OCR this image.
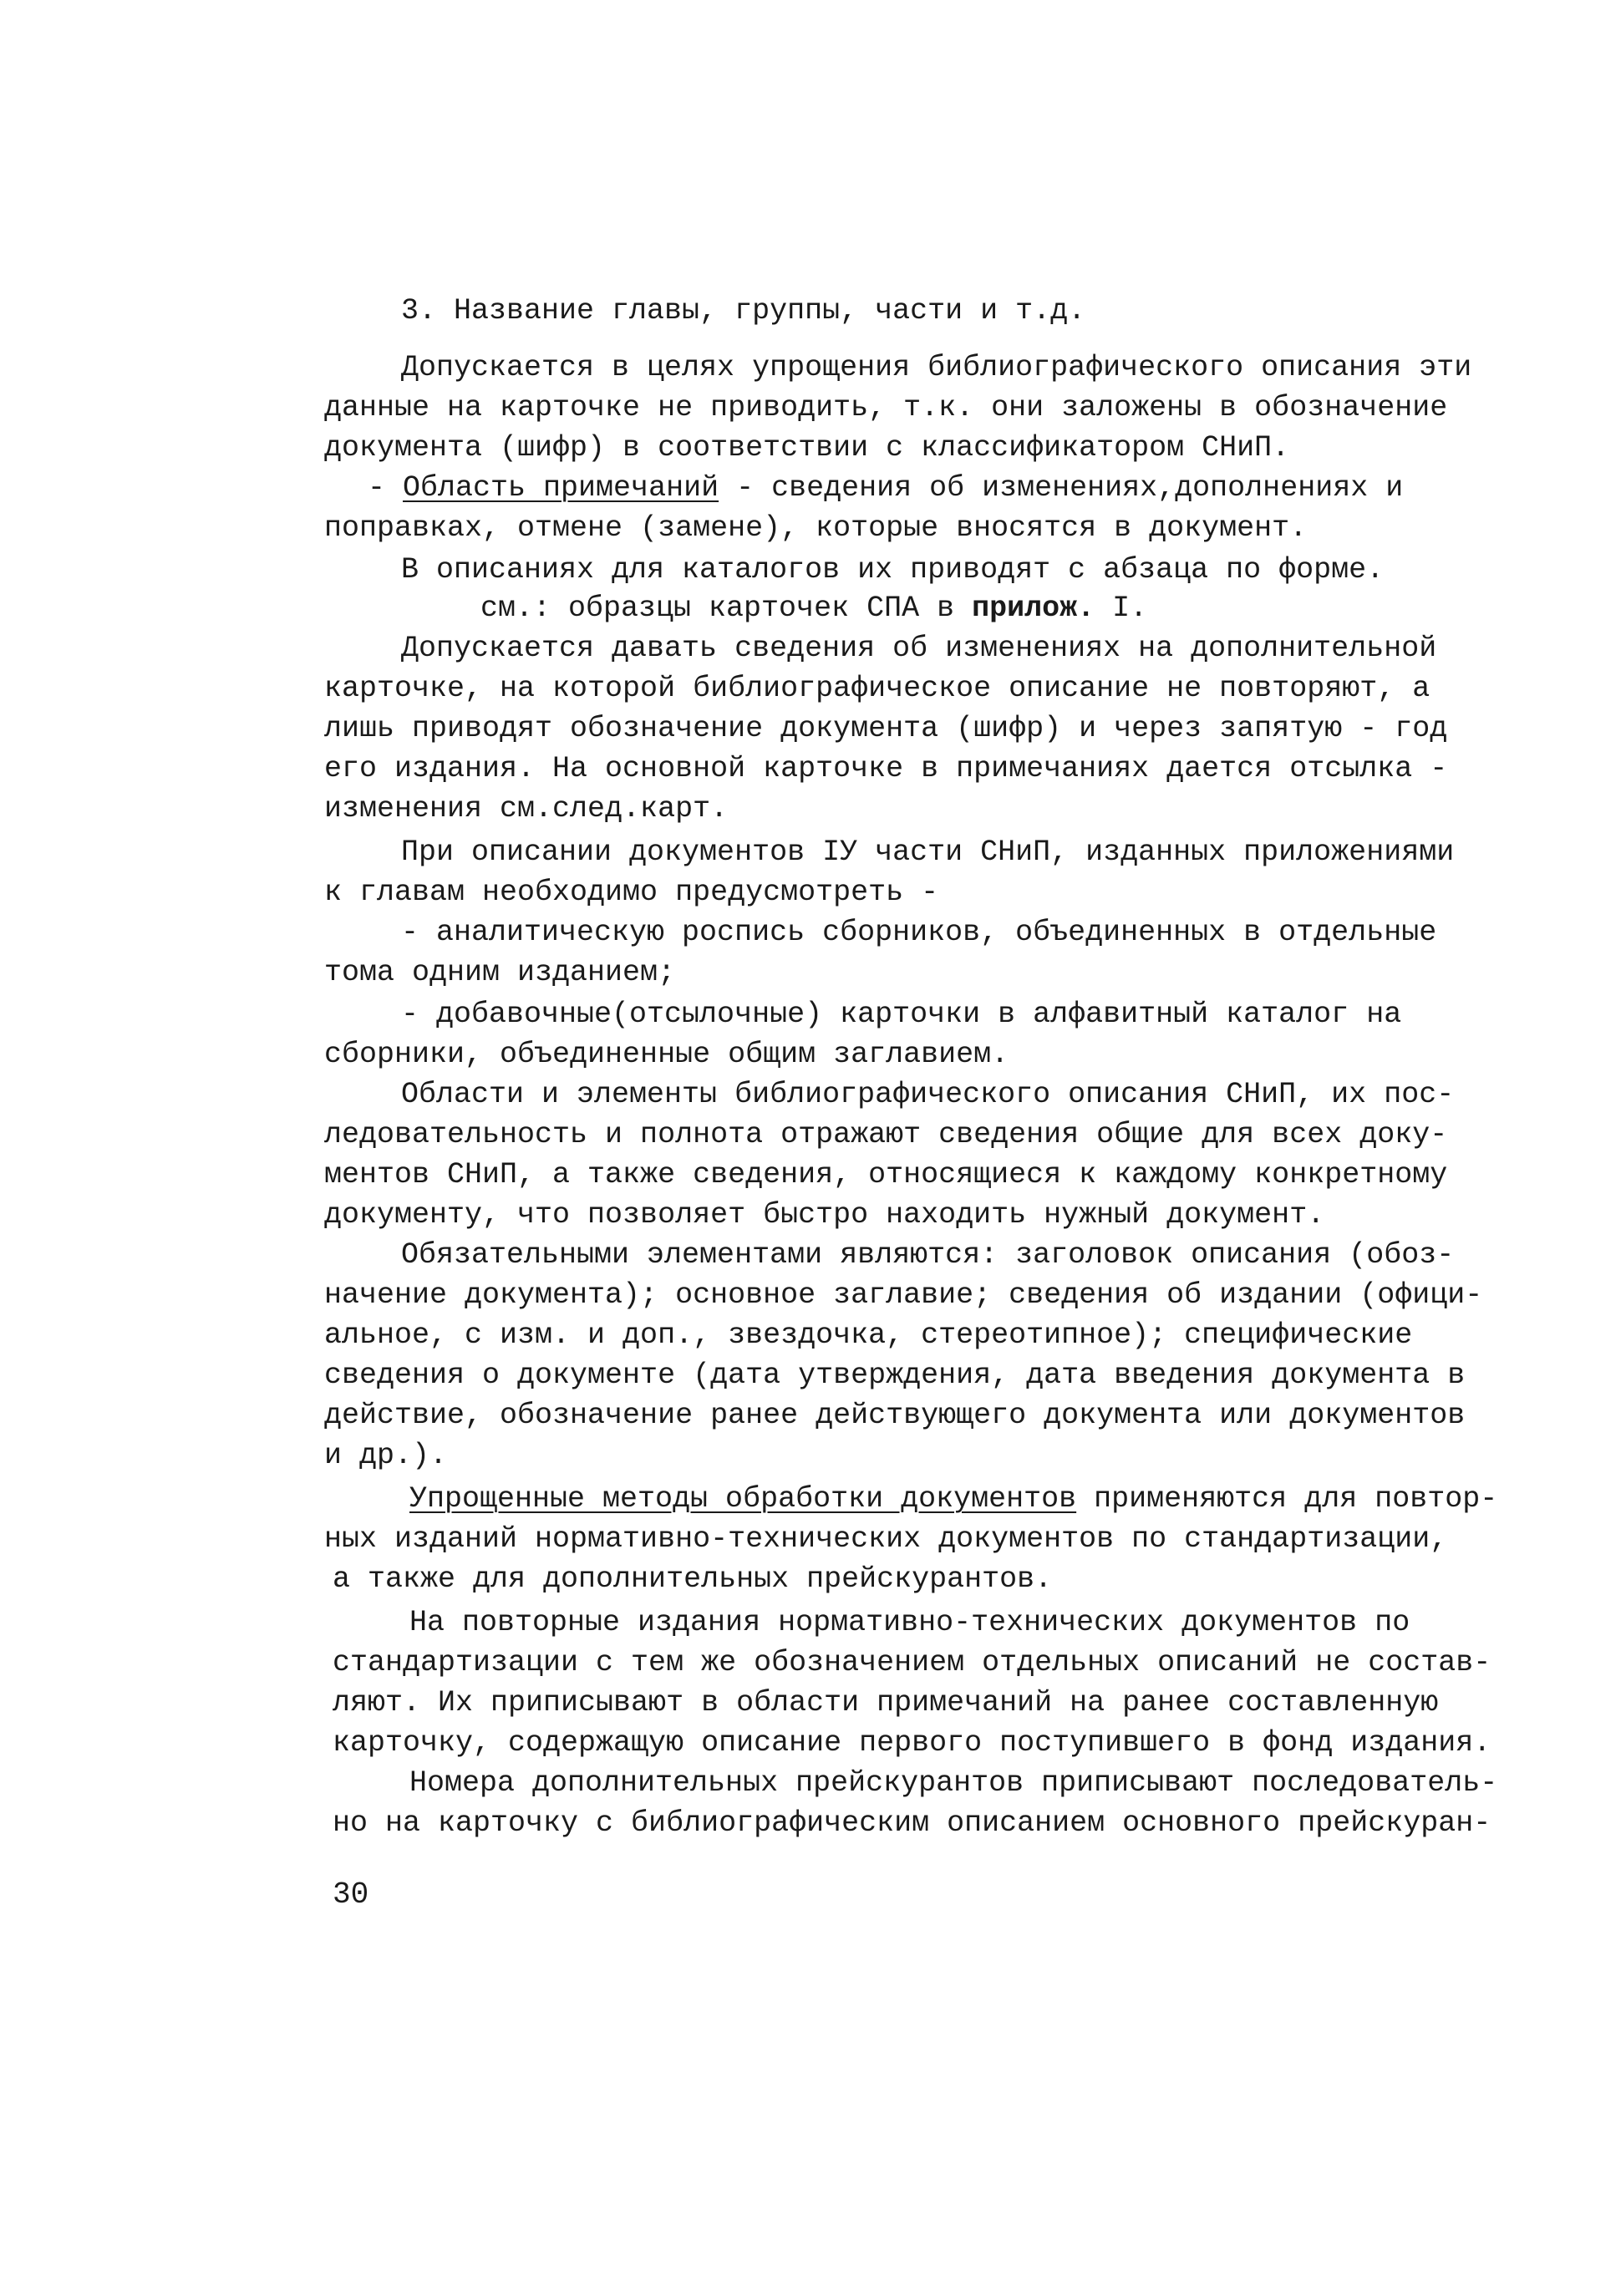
3. Название главы, группы, части и т.д.

Допускается в целях упрощения библиографического описания эти

данные на карточке не приводить, т.к. они заложены в обозначение

документа (шифр) в соответствии с классификатором СНиП.

- Область примечаний - сведения об изменениях,дополнениях и

поправках, отмене (замене), которые вносятся в документ.

В описаниях для каталогов их приводят с абзаца по форме.

см.: образцы карточек СПА в прилож. I.

Допускается давать сведения об изменениях на дополнительной

карточке, на которой библиографическое описание не повторяют, а

лишь приводят обозначение документа (шифр) и через запятую - год

его издания. На основной карточке в примечаниях дается отсылка -

изменения см.след.карт.

При описании документов IУ части СНиП, изданных приложениями

к главам необходимо предусмотреть -

- аналитическую роспись сборников, объединенных в отдельные

тома одним изданием;

- добавочные(отсылочные) карточки в алфавитный каталог на

сборники, объединенные общим заглавием.

Области и элементы библиографического описания СНиП, их пос-

ледовательность и полнота отражают сведения общие для всех доку-

ментов СНиП, а также сведения, относящиеся к каждому конкретному

документу, что позволяет быстро находить нужный документ.

Обязательными элементами являются: заголовок описания (обоз-

начение документа); основное заглавие; сведения об издании (офици-

альное, с изм. и доп., звездочка, стереотипное); специфические

сведения о документе (дата утверждения, дата введения документа в

действие, обозначение ранее действующего документа или документов

и др.).

Упрощенные методы обработки документов применяются для повтор-

ных изданий нормативно-технических документов по стандартизации,

а также для дополнительных прейскурантов.

На повторные издания нормативно-технических документов по

стандартизации с тем же обозначением отдельных описаний не состав-

ляют. Их приписывают в области примечаний на ранее составленную

карточку, содержащую описание первого поступившего в фонд издания.

Номера дополнительных прейскурантов приписывают последователь-

но на карточку с библиографическим описанием основного прейскуран-

30
